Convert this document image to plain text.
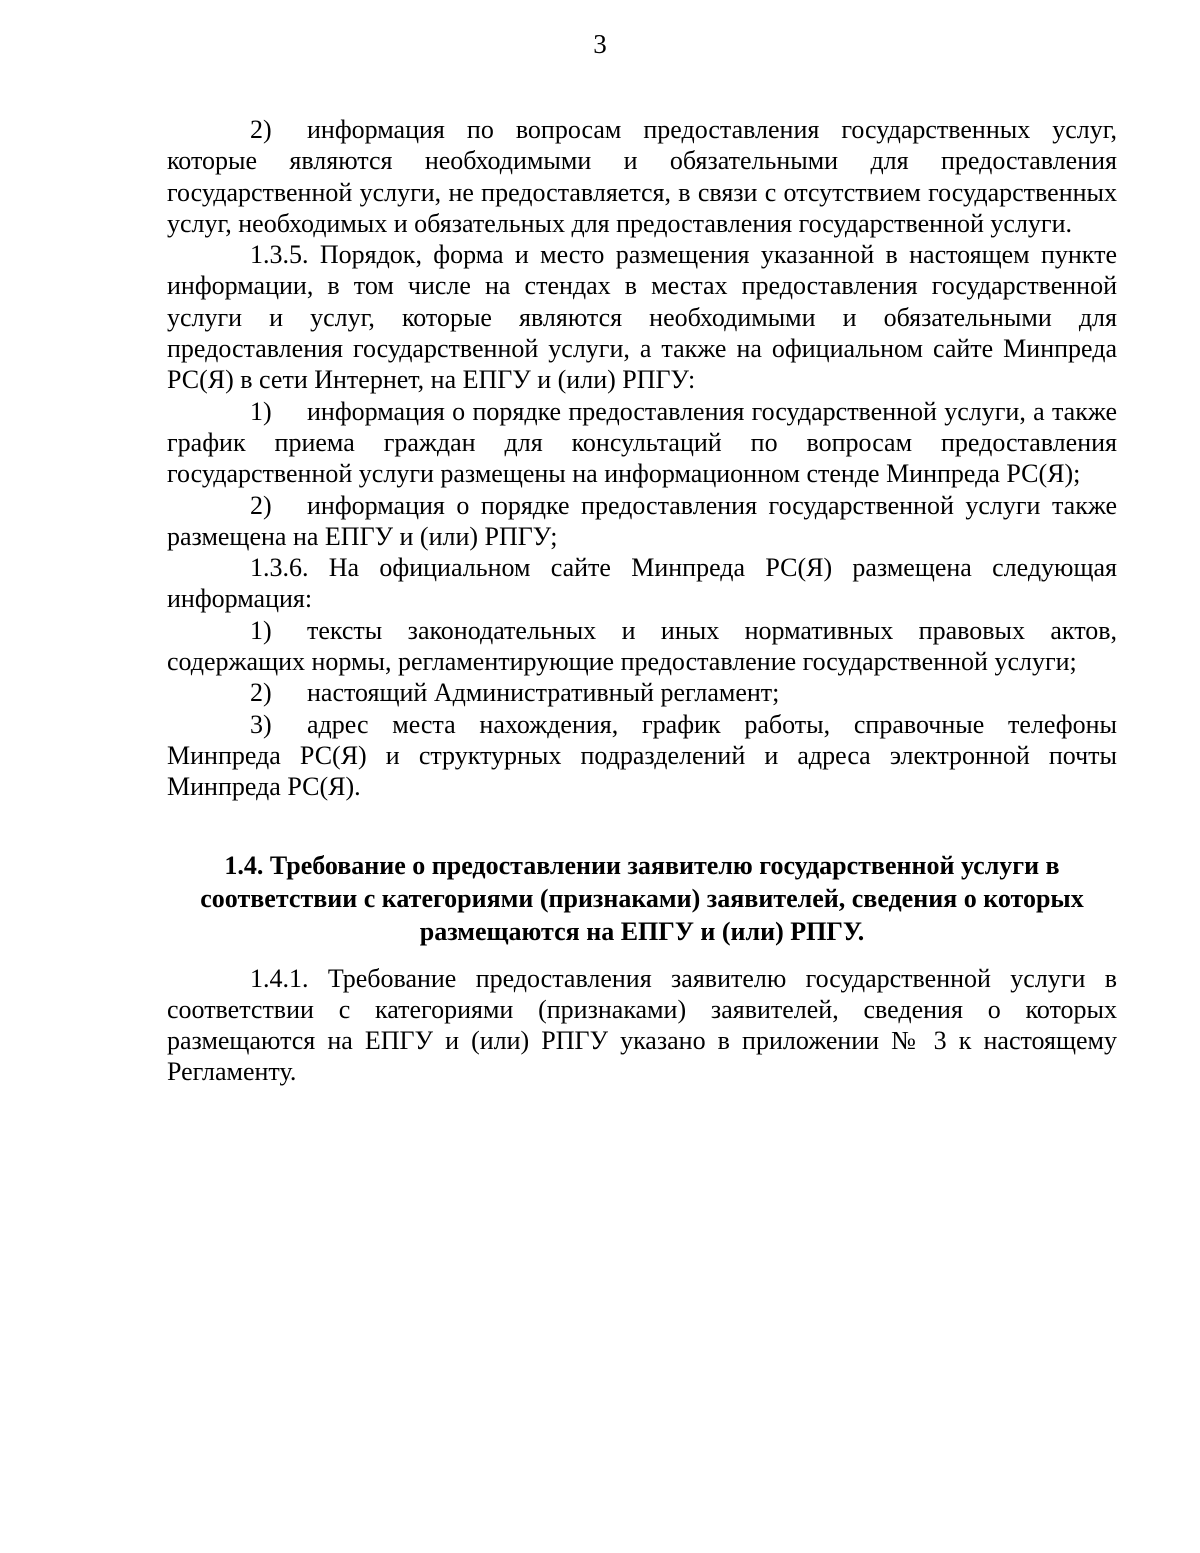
3

2) информация по вопросам предоставления государственных услуг, которые являются необходимыми и обязательными для предоставления государственной услуги, не предоставляется, в связи с отсутствием государственных услуг, необходимых и обязательных для предоставления государственной услуги.

1.3.5. Порядок, форма и место размещения указанной в настоящем пункте информации, в том числе на стендах в местах предоставления государственной услуги и услуг, которые являются необходимыми и обязательными для предоставления государственной услуги, а также на официальном сайте Минпреда РС(Я) в сети Интернет, на ЕПГУ и (или) РПГУ:

1) информация о порядке предоставления государственной услуги, а также график приема граждан для консультаций по вопросам предоставления государственной услуги размещены на информационном стенде Минпреда РС(Я);

2) информация о порядке предоставления государственной услуги также размещена на ЕПГУ и (или) РПГУ;

1.3.6. На официальном сайте Минпреда РС(Я) размещена следующая информация:

1) тексты законодательных и иных нормативных правовых актов, содержащих нормы, регламентирующие предоставление государственной услуги;

2) настоящий Административный регламент;

3) адрес места нахождения, график работы, справочные телефоны Минпреда РС(Я) и структурных подразделений и адреса электронной почты Минпреда РС(Я).

1.4. Требование о предоставлении заявителю государственной услуги в соответствии с категориями (признаками) заявителей, сведения о которых размещаются на ЕПГУ и (или) РПГУ.

1.4.1. Требование предоставления заявителю государственной услуги в соответствии с категориями (признаками) заявителей, сведения о которых размещаются на ЕПГУ и (или) РПГУ указано в приложении № 3 к настоящему Регламенту.
